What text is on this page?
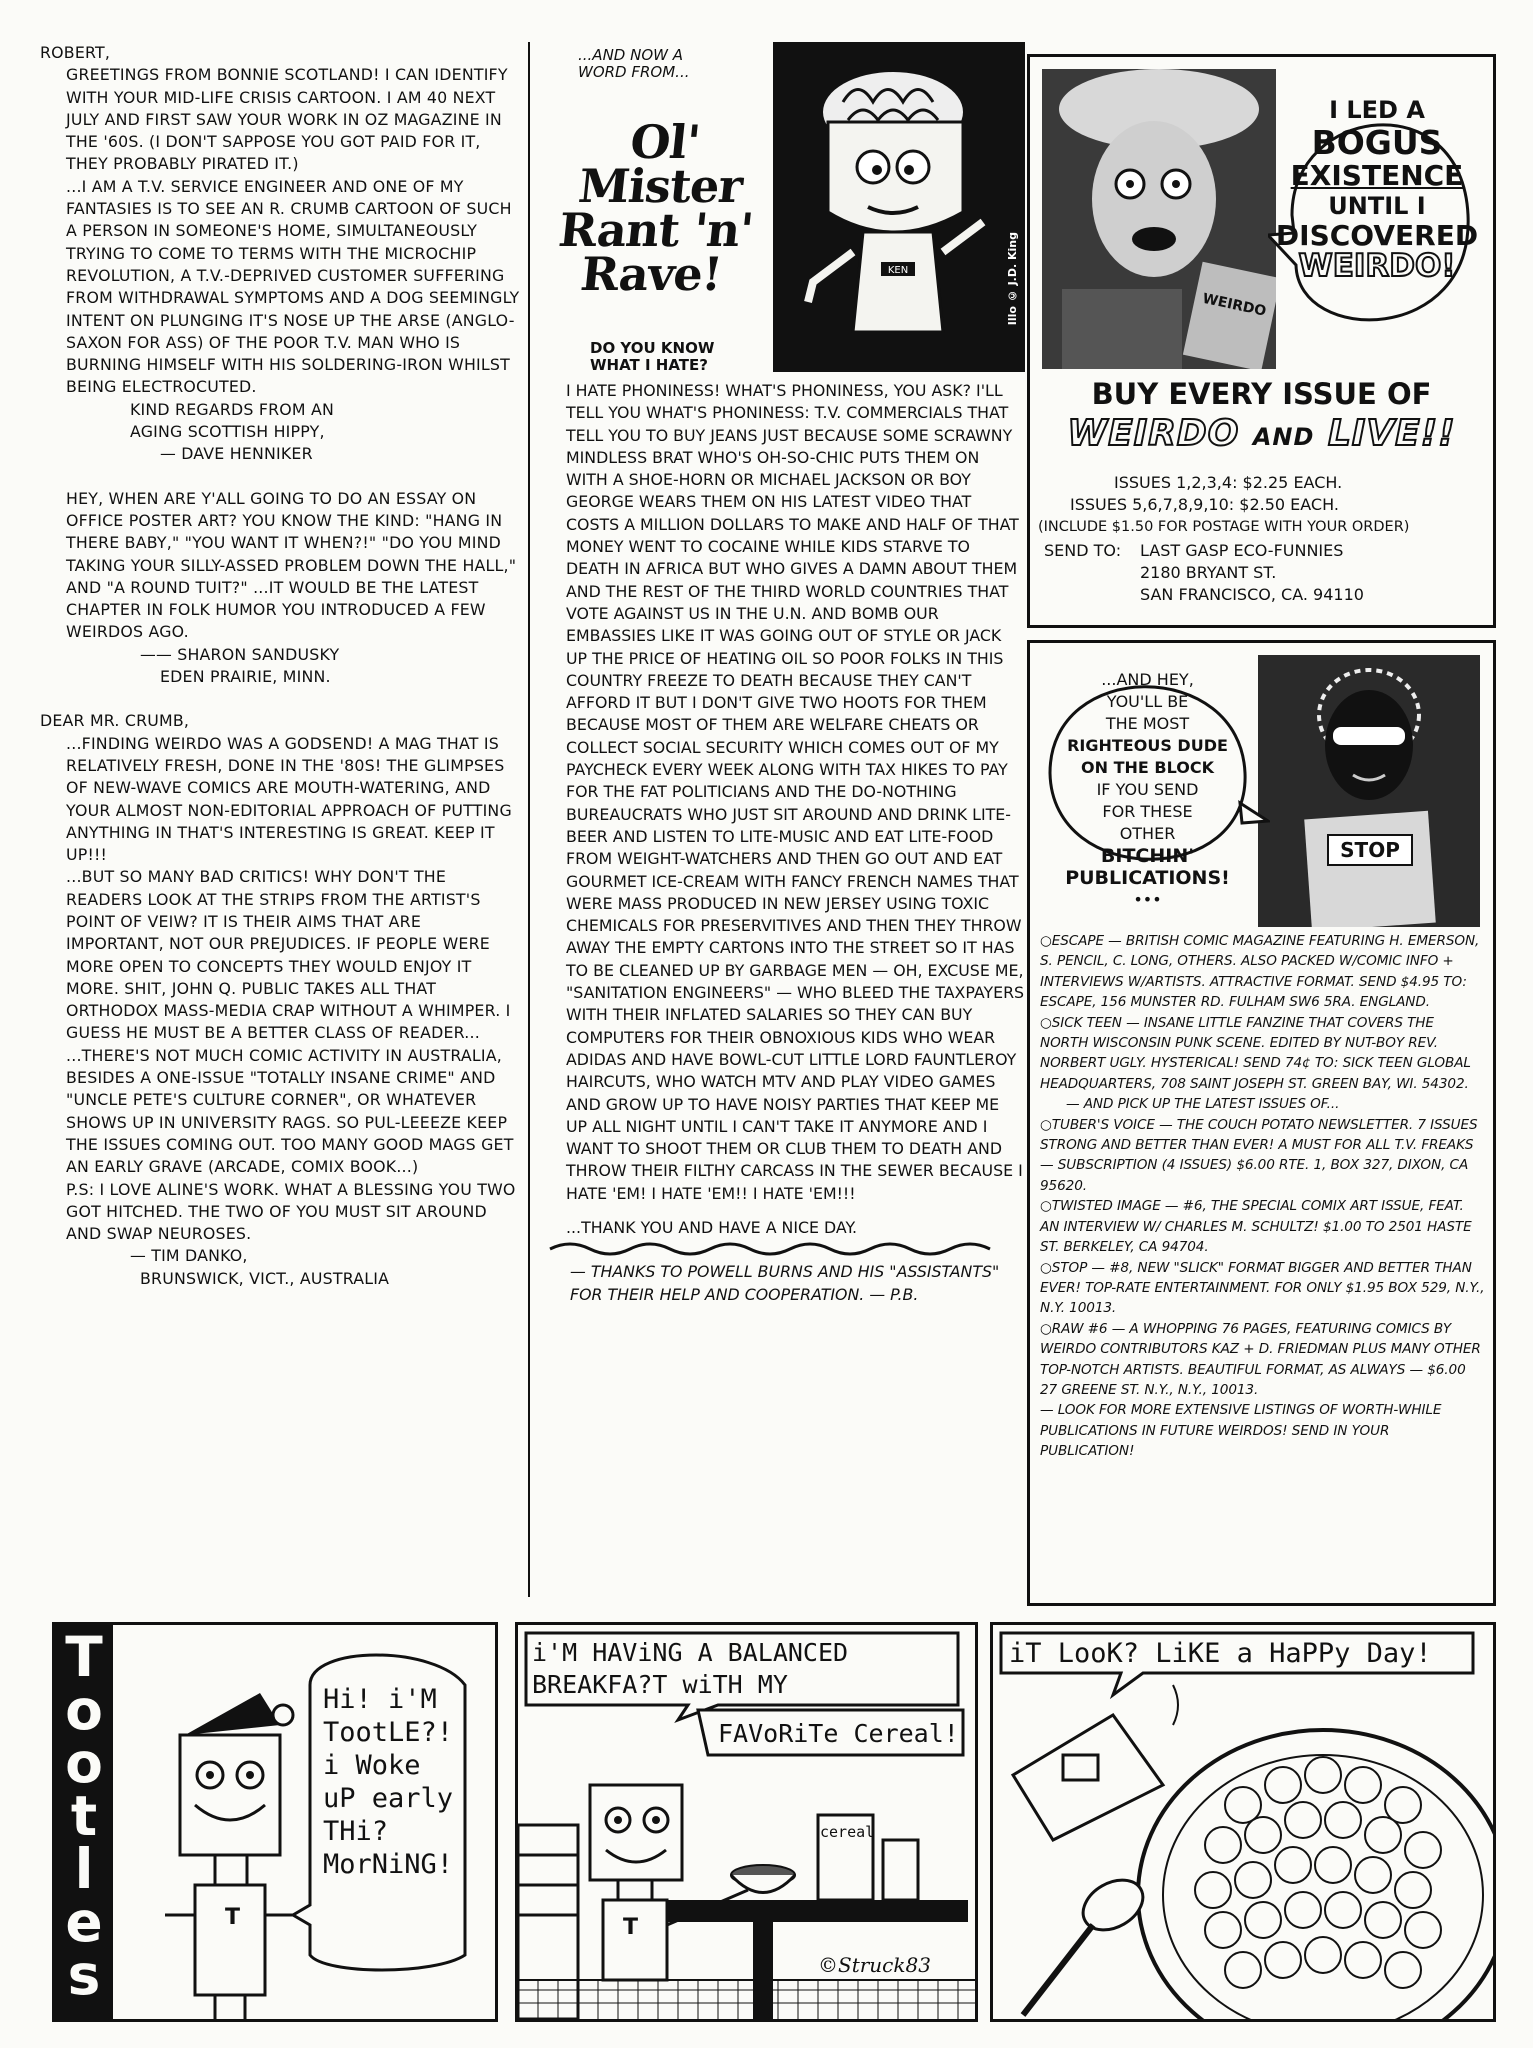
ROBERT,

GREETINGS FROM BONNIE SCOTLAND! I CAN IDENTIFY WITH YOUR MID-LIFE CRISIS CARTOON. I AM 40 NEXT JULY AND FIRST SAW YOUR WORK IN OZ MAGAZINE IN THE '60S. (I DON'T SAPPOSE YOU GOT PAID FOR IT, THEY PROBABLY PIRATED IT.)

...I AM A T.V. SERVICE ENGINEER AND ONE OF MY FANTASIES IS TO SEE AN R. CRUMB CARTOON OF SUCH A PERSON IN SOMEONE'S HOME, SIMULTANEOUSLY TRYING TO COME TO TERMS WITH THE MICROCHIP REVOLUTION, A T.V.-DEPRIVED CUSTOMER SUFFERING FROM WITHDRAWAL SYMPTOMS AND A DOG SEEMINGLY INTENT ON PLUNGING IT'S NOSE UP THE ARSE (ANGLO-SAXON FOR ASS) OF THE POOR T.V. MAN WHO IS BURNING HIMSELF WITH HIS SOLDERING-IRON WHILST BEING ELECTROCUTED.

KIND REGARDS FROM AN

AGING SCOTTISH HIPPY,

— DAVE HENNIKER

HEY, WHEN ARE Y'ALL GOING TO DO AN ESSAY ON OFFICE POSTER ART? YOU KNOW THE KIND: "HANG IN THERE BABY," "YOU WANT IT WHEN?!" "DO YOU MIND TAKING YOUR SILLY-ASSED PROBLEM DOWN THE HALL," AND "A ROUND TUIT?" ...IT WOULD BE THE LATEST CHAPTER IN FOLK HUMOR YOU INTRODUCED A FEW WEIRDOS AGO.

—— SHARON SANDUSKY

EDEN PRAIRIE, MINN.

DEAR MR. CRUMB,

...FINDING WEIRDO WAS A GODSEND! A MAG THAT IS RELATIVELY FRESH, DONE IN THE '80S! THE GLIMPSES OF NEW-WAVE COMICS ARE MOUTH-WATERING, AND YOUR ALMOST NON-EDITORIAL APPROACH OF PUTTING ANYTHING IN THAT'S INTERESTING IS GREAT. KEEP IT UP!!!

...BUT SO MANY BAD CRITICS! WHY DON'T THE READERS LOOK AT THE STRIPS FROM THE ARTIST'S POINT OF VEIW? IT IS THEIR AIMS THAT ARE IMPORTANT, NOT OUR PREJUDICES. IF PEOPLE WERE MORE OPEN TO CONCEPTS THEY WOULD ENJOY IT MORE. SHIT, JOHN Q. PUBLIC TAKES ALL THAT ORTHODOX MASS-MEDIA CRAP WITHOUT A WHIMPER. I GUESS HE MUST BE A BETTER CLASS OF READER...

...THERE'S NOT MUCH COMIC ACTIVITY IN AUSTRALIA, BESIDES A ONE-ISSUE "TOTALLY INSANE CRIME" AND "UNCLE PETE'S CULTURE CORNER", OR WHATEVER SHOWS UP IN UNIVERSITY RAGS. SO PUL-LEEEZE KEEP THE ISSUES COMING OUT. TOO MANY GOOD MAGS GET AN EARLY GRAVE (ARCADE, COMIX BOOK...)

P.S: I LOVE ALINE'S WORK. WHAT A BLESSING YOU TWO GOT HITCHED. THE TWO OF YOU MUST SIT AROUND AND SWAP NEUROSES.

— TIM DANKO,

BRUNSWICK, VICT., AUSTRALIA

...AND NOW A
WORD FROM...
Ol' Mister Rant 'n' Rave!	KEN	Illo © J.D. King
DO YOU KNOW WHAT I HATE?

I HATE PHONINESS! WHAT'S PHONINESS, YOU ASK? I'LL TELL YOU WHAT'S PHONINESS: T.V. COMMERCIALS THAT TELL YOU TO BUY JEANS JUST BECAUSE SOME SCRAWNY MINDLESS BRAT WHO'S OH-SO-CHIC PUTS THEM ON WITH A SHOE-HORN OR MICHAEL JACKSON OR BOY GEORGE WEARS THEM ON HIS LATEST VIDEO THAT COSTS A MILLION DOLLARS TO MAKE AND HALF OF THAT MONEY WENT TO COCAINE WHILE KIDS STARVE TO DEATH IN AFRICA BUT WHO GIVES A DAMN ABOUT THEM AND THE REST OF THE THIRD WORLD COUNTRIES THAT VOTE AGAINST US IN THE U.N. AND BOMB OUR EMBASSIES LIKE IT WAS GOING OUT OF STYLE OR JACK UP THE PRICE OF HEATING OIL SO POOR FOLKS IN THIS COUNTRY FREEZE TO DEATH BECAUSE THEY CAN'T AFFORD IT BUT I DON'T GIVE TWO HOOTS FOR THEM BECAUSE MOST OF THEM ARE WELFARE CHEATS OR COLLECT SOCIAL SECURITY WHICH COMES OUT OF MY PAYCHECK EVERY WEEK ALONG WITH TAX HIKES TO PAY FOR THE FAT POLITICIANS AND THE DO-NOTHING BUREAUCRATS WHO JUST SIT AROUND AND DRINK LITE-BEER AND LISTEN TO LITE-MUSIC AND EAT LITE-FOOD FROM WEIGHT-WATCHERS AND THEN GO OUT AND EAT GOURMET ICE-CREAM WITH FANCY FRENCH NAMES THAT WERE MASS PRODUCED IN NEW JERSEY USING TOXIC CHEMICALS FOR PRESERVITIVES AND THEN THEY THROW AWAY THE EMPTY CARTONS INTO THE STREET SO IT HAS TO BE CLEANED UP BY GARBAGE MEN — OH, EXCUSE ME, "SANITATION ENGINEERS" — WHO BLEED THE TAXPAYERS WITH THEIR INFLATED SALARIES SO THEY CAN BUY COMPUTERS FOR THEIR OBNOXIOUS KIDS WHO WEAR ADIDAS AND HAVE BOWL-CUT LITTLE LORD FAUNTLEROY HAIRCUTS, WHO WATCH MTV AND PLAY VIDEO GAMES AND GROW UP TO HAVE NOISY PARTIES THAT KEEP ME UP ALL NIGHT UNTIL I CAN'T TAKE IT ANYMORE AND I WANT TO SHOOT THEM OR CLUB THEM TO DEATH AND THROW THEIR FILTHY CARCASS IN THE SEWER BECAUSE I HATE 'EM! I HATE 'EM!! I HATE 'EM!!!

...THANK YOU AND HAVE A NICE DAY.

— THANKS TO POWELL BURNS AND HIS "ASSISTANTS" FOR THEIR HELP AND COOPERATION. — P.B.

WEIRDO
I LED A
BOGUS
EXISTENCE
UNTIL I
DISCOVERED
WEIRDO!
BUY EVERY ISSUE OF
WEIRDO AND LIVE!!
ISSUES 1,2,3,4: $2.25 EACH.
ISSUES 5,6,7,8,9,10: $2.50 EACH.
(INCLUDE $1.50 FOR POSTAGE WITH YOUR ORDER)
SEND TO: LAST GASP ECO-FUNNIES
2180 BRYANT ST.
SAN FRANCISCO, CA. 94110
STOP
...AND HEY,
YOU'LL BE
THE MOST
RIGHTEOUS DUDE
ON THE BLOCK
IF YOU SEND
FOR THESE
OTHER
BITCHIN'
PUBLICATIONS!
•••

○ESCAPE — BRITISH COMIC MAGAZINE FEATURING H. EMERSON, S. PENCIL, C. LONG, OTHERS. ALSO PACKED W/COMIC INFO + INTERVIEWS W/ARTISTS. ATTRACTIVE FORMAT. SEND $4.95 TO: ESCAPE, 156 MUNSTER RD. FULHAM SW6 5RA. ENGLAND.

○SICK TEEN — INSANE LITTLE FANZINE THAT COVERS THE NORTH WISCONSIN PUNK SCENE. EDITED BY NUT-BOY REV. NORBERT UGLY. HYSTERICAL! SEND 74¢ TO: SICK TEEN GLOBAL HEADQUARTERS, 708 SAINT JOSEPH ST. GREEN BAY, WI. 54302.

— AND PICK UP THE LATEST ISSUES OF...

○TUBER'S VOICE — THE COUCH POTATO NEWSLETTER. 7 ISSUES STRONG AND BETTER THAN EVER! A MUST FOR ALL T.V. FREAKS — SUBSCRIPTION (4 ISSUES) $6.00 RTE. 1, BOX 327, DIXON, CA 95620.

○TWISTED IMAGE — #6, THE SPECIAL COMIX ART ISSUE, FEAT. AN INTERVIEW W/ CHARLES M. SCHULTZ! $1.00 TO 2501 HASTE ST. BERKELEY, CA 94704.

○STOP — #8, NEW "SLICK" FORMAT BIGGER AND BETTER THAN EVER! TOP-RATE ENTERTAINMENT. FOR ONLY $1.95 BOX 529, N.Y., N.Y. 10013.

○RAW #6 — A WHOPPING 76 PAGES, FEATURING COMICS BY WEIRDO CONTRIBUTORS KAZ + D. FRIEDMAN PLUS MANY OTHER TOP-NOTCH ARTISTS. BEAUTIFUL FORMAT, AS ALWAYS — $6.00 27 GREENE ST. N.Y., N.Y., 10013.

— LOOK FOR MORE EXTENSIVE LISTINGS OF WORTH-WHILE PUBLICATIONS IN FUTURE WEIRDOS! SEND IN YOUR PUBLICATION!

T
o
o
t
l
e
s
T
Hi! i'M
TootLE?!
i Woke
uP early
THi?
MorNiNG!
T
i'M HAViNG A BALANCED
BREAKFA?T wiTH MY
FAVoRiTe Cereal!
cereal
©Struck83
iT LooK? LiKE a HaPPy Day!
